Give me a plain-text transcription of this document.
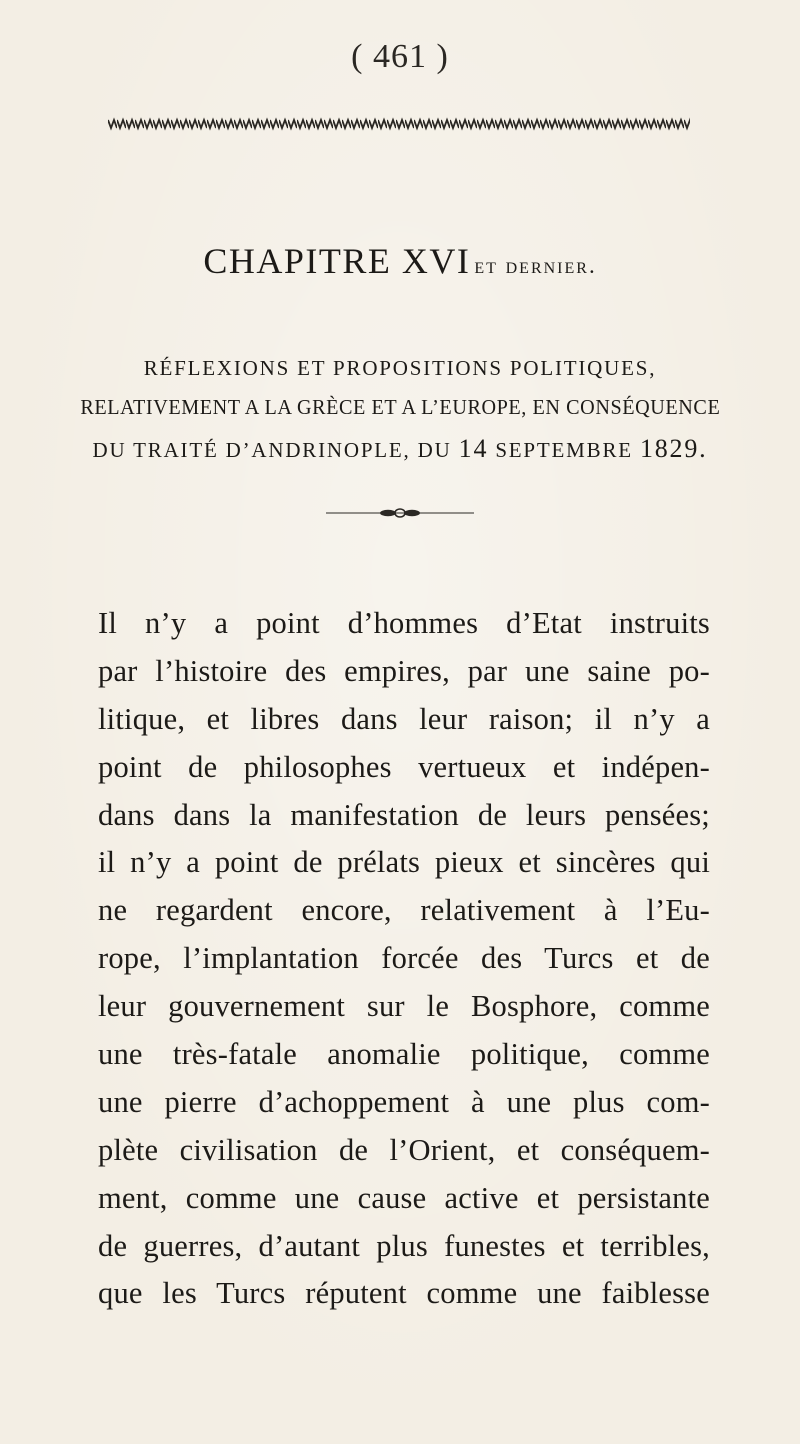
( 461 )
CHAPITRE XVI et dernier.
RÉFLEXIONS ET PROPOSITIONS POLITIQUES,
RELATIVEMENT A LA GRÈCE ET A L’EUROPE, EN CONSÉQUENCE
DU TRAITÉ D’ANDRINOPLE, DU 14 SEPTEMBRE 1829.
Il n’y a point d’hommes d’Etat instruits
par l’histoire des empires, par une saine po-
litique, et libres dans leur raison; il n’y a
point de philosophes vertueux et indépen-
dans dans la manifestation de leurs pensées;
il n’y a point de prélats pieux et sincères qui
ne regardent encore, relativement à l’Eu-
rope, l’implantation forcée des Turcs et de
leur gouvernement sur le Bosphore, comme
une très-fatale anomalie politique, comme
une pierre d’achoppement à une plus com-
plète civilisation de l’Orient, et conséquem-
ment, comme une cause active et persistante
de guerres, d’autant plus funestes et terribles,
que les Turcs réputent comme une faiblesse
